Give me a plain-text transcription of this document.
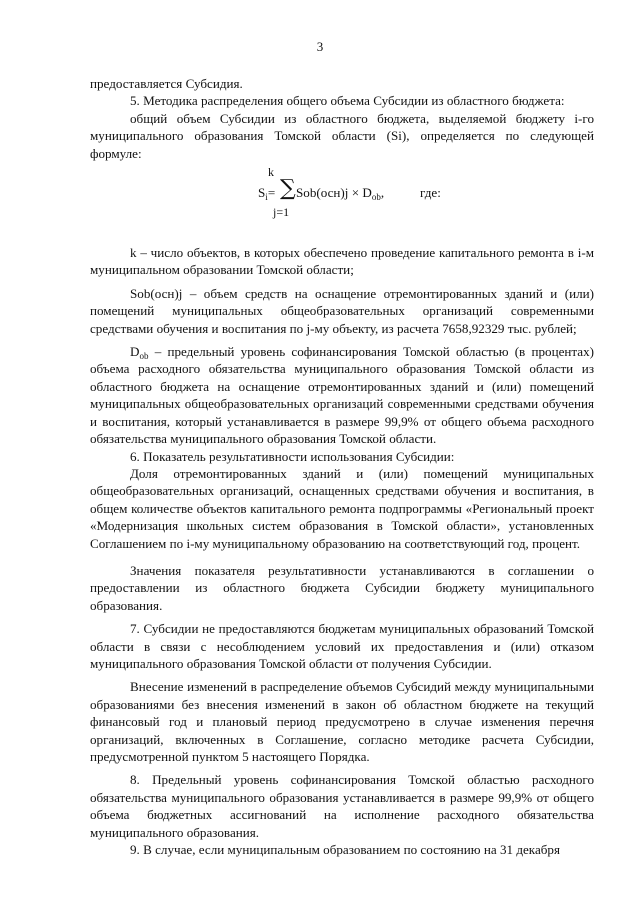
3

предоставляется Субсидия.

5. Методика распределения общего объема Субсидии из областного бюджета:

общий объем Субсидии из областного бюджета, выделяемой бюджету i-го муниципального образования Томской области (Si), определяется по следующей формуле:

k
$S_i=$ ∑ $Sob(осн)j \times D_{ob}$,
j=1
где:

k – число объектов, в которых обеспечено проведение капитального ремонта в i-м муниципальном образовании Томской области;

Sob(осн)j – объем средств на оснащение отремонтированных зданий и (или) помещений муниципальных общеобразовательных организаций современными средствами обучения и воспитания по j-му объекту, из расчета 7658,92329 тыс. рублей;

$D_{ob}$ – предельный уровень софинансирования Томской областью (в процентах) объема расходного обязательства муниципального образования Томской области из областного бюджета на оснащение отремонтированных зданий и (или) помещений муниципальных общеобразовательных организаций современными средствами обучения и воспитания, который устанавливается в размере 99,9% от общего объема расходного обязательства муниципального образования Томской области.

6. Показатель результативности использования Субсидии:

Доля отремонтированных зданий и (или) помещений муниципальных общеобразовательных организаций, оснащенных средствами обучения и воспитания, в общем количестве объектов капитального ремонта подпрограммы «Региональный проект «Модернизация школьных систем образования в Томской области», установленных Соглашением по i-му муниципальному образованию на соответствующий год, процент.

Значения показателя результативности устанавливаются в соглашении о предоставлении из областного бюджета Субсидии бюджету муниципального образования.

7. Субсидии не предоставляются бюджетам муниципальных образований Томской области в связи с несоблюдением условий их предоставления и (или) отказом муниципального образования Томской области от получения Субсидии.

Внесение изменений в распределение объемов Субсидий между муниципальными образованиями без внесения изменений в закон об областном бюджете на текущий финансовый год и плановый период предусмотрено в случае изменения перечня организаций, включенных в Соглашение, согласно методике расчета Субсидии, предусмотренной пунктом 5 настоящего Порядка.

8. Предельный уровень софинансирования Томской областью расходного обязательства муниципального образования устанавливается в размере 99,9% от общего объема бюджетных ассигнований на исполнение расходного обязательства муниципального образования.

9. В случае, если муниципальным образованием по состоянию на 31 декабря
